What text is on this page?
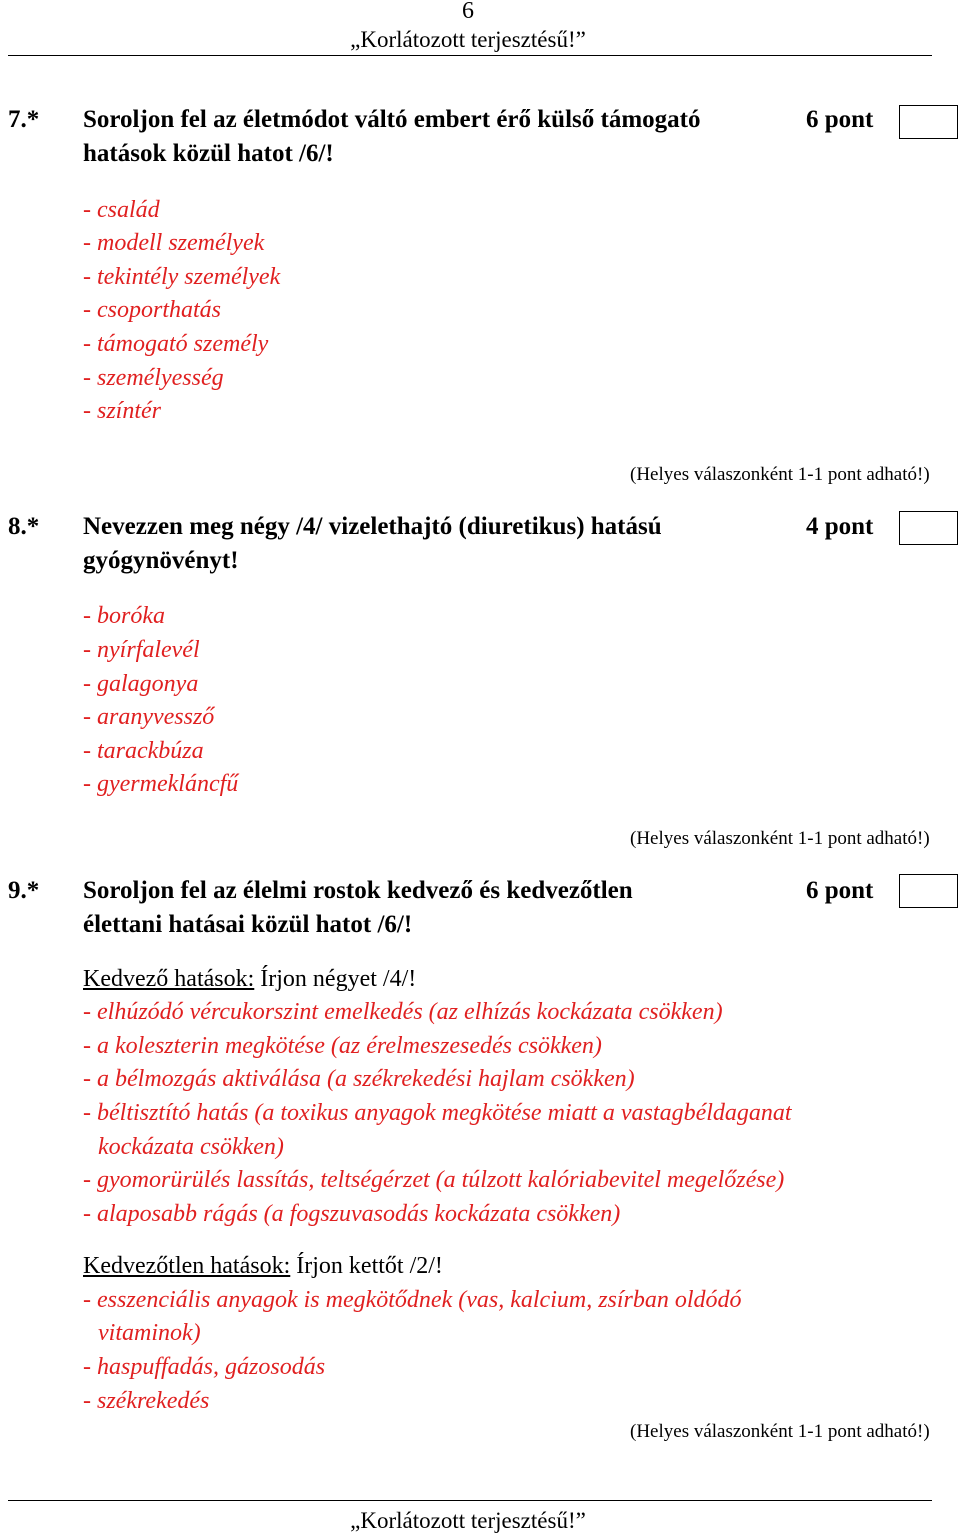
6
„Korlátozott terjesztésű!”
7.* Soroljon fel az életmódot váltó embert érő külső támogató
hatások közül hatot /6/!
6 pont
- család
- modell személyek
- tekintély személyek
- csoporthatás
- támogató személy
- személyesség
- színtér
(Helyes válaszonként 1-1 pont adható!)
8.* Nevezzen meg négy /4/ vizelethajtó (diuretikus) hatású
gyógynövényt!
4 pont
- boróka
- nyírfalevél
- galagonya
- aranyvessző
- tarackbúza
- gyermekláncfű
(Helyes válaszonként 1-1 pont adható!)
9.* Soroljon fel az élelmi rostok kedvező és kedvezőtlen
élettani hatásai közül hatot /6/!
6 pont
Kedvező hatások: Írjon négyet /4/!
- elhúzódó vércukorszint emelkedés (az elhízás kockázata csökken)
- a koleszterin megkötése (az érelmeszesedés csökken)
- a bélmozgás aktiválása (a székrekedési hajlam csökken)
- béltisztító hatás (a toxikus anyagok megkötése miatt a vastagbéldaganat
kockázata csökken)
- gyomorürülés lassítás, teltségérzet (a túlzott kalóriabevitel megelőzése)
- alaposabb rágás (a fogszuvasodás kockázata csökken)
Kedvezőtlen hatások: Írjon kettőt /2/!
- esszenciális anyagok is megkötődnek (vas, kalcium, zsírban oldódó
vitaminok)
- haspuffadás, gázosodás
- székrekedés
(Helyes válaszonként 1-1 pont adható!)
„Korlátozott terjesztésű!”
